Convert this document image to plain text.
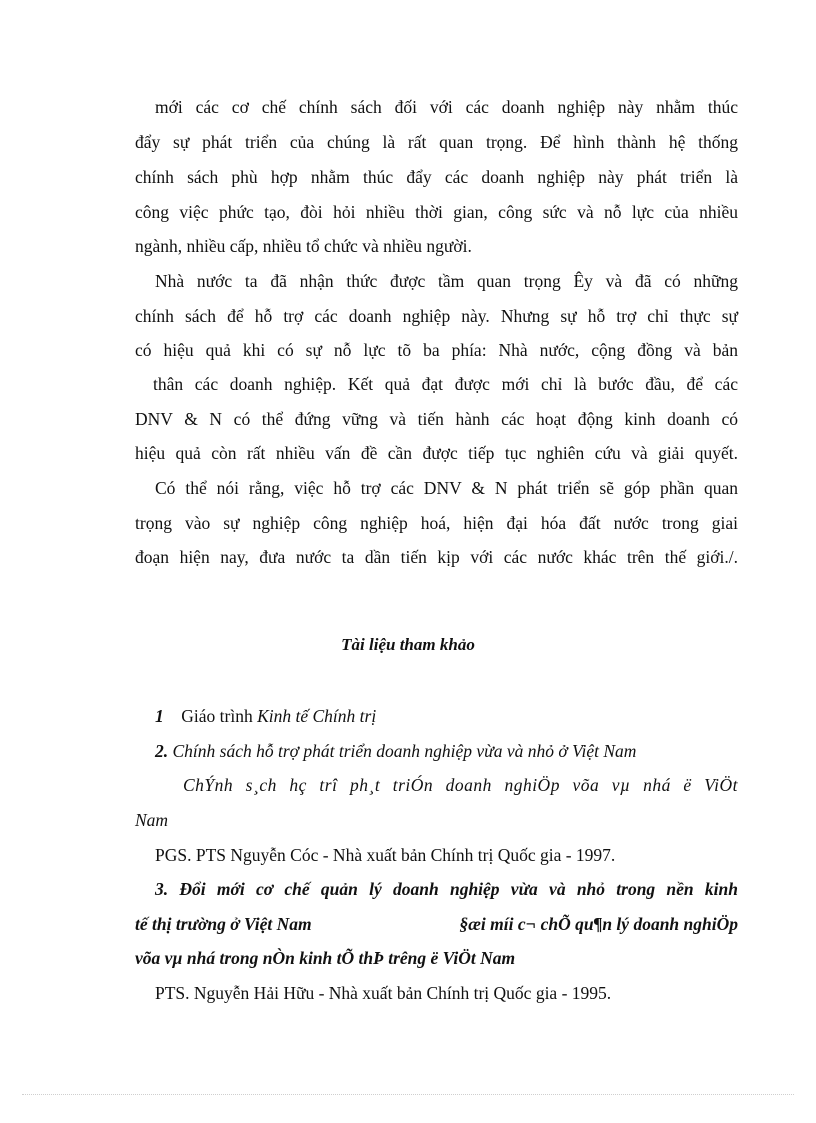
mới các cơ chế chính sách đối với các doanh nghiệp này nhằm thúc
đẩy sự phát triển của chúng là rất quan trọng. Để hình thành hệ thống
chính sách phù hợp nhằm thúc đẩy các doanh nghiệp này phát triển là
công việc phức tạo, đòi hỏi nhiều thời gian, công sức và nỗ lực của nhiều
ngành, nhiều cấp, nhiều tổ chức và nhiều người.
Nhà nước ta đã nhận thức được tầm quan trọng Êy và đã có những
chính sách để hỗ trợ các doanh nghiệp này. Nhưng sự hỗ trợ chỉ thực sự
có hiệu quả khi có sự nỗ lực tõ ba phía: Nhà nước, cộng đồng và bản
thân các doanh nghiệp. Kết quả đạt được mới chỉ là bước đầu, để các
DNV & N có thể đứng vững và tiến hành các hoạt động kinh doanh có
hiệu quả còn rất nhiều vấn đề cần được tiếp tục nghiên cứu và giải quyết.
Có thể nói rằng, việc hỗ trợ các DNV & N phát triển sẽ góp phần quan
trọng vào sự nghiệp công nghiệp hoá, hiện đại hóa đất nước trong giai
đoạn hiện nay, đưa nước ta dần tiến kịp với các nước khác trên thế giới./.
Tài liệu tham khảo
1 Giáo trình Kinh tế Chính trị
2. Chính sách hỗ trợ phát triển doanh nghiệp vừa và nhỏ ở Việt Nam
ChÝnh s¸ch hç trî ph¸t triÓn doanh nghiÖp võa vµ nhá ë ViÖt
Nam
PGS. PTS Nguyễn Cóc - Nhà xuất bản Chính trị Quốc gia - 1997.
3. Đổi mới cơ chế quản lý doanh nghiệp vừa và nhỏ trong nền kinh
tế thị trường ở Việt Nam	§æi míi c¬ chÕ qu¶n lý doanh nghiÖp
võa vµ nhá trong nÒn kinh tÕ thÞ trêng ë ViÖt Nam
PTS. Nguyễn Hải Hữu - Nhà xuất bản Chính trị Quốc gia - 1995.
